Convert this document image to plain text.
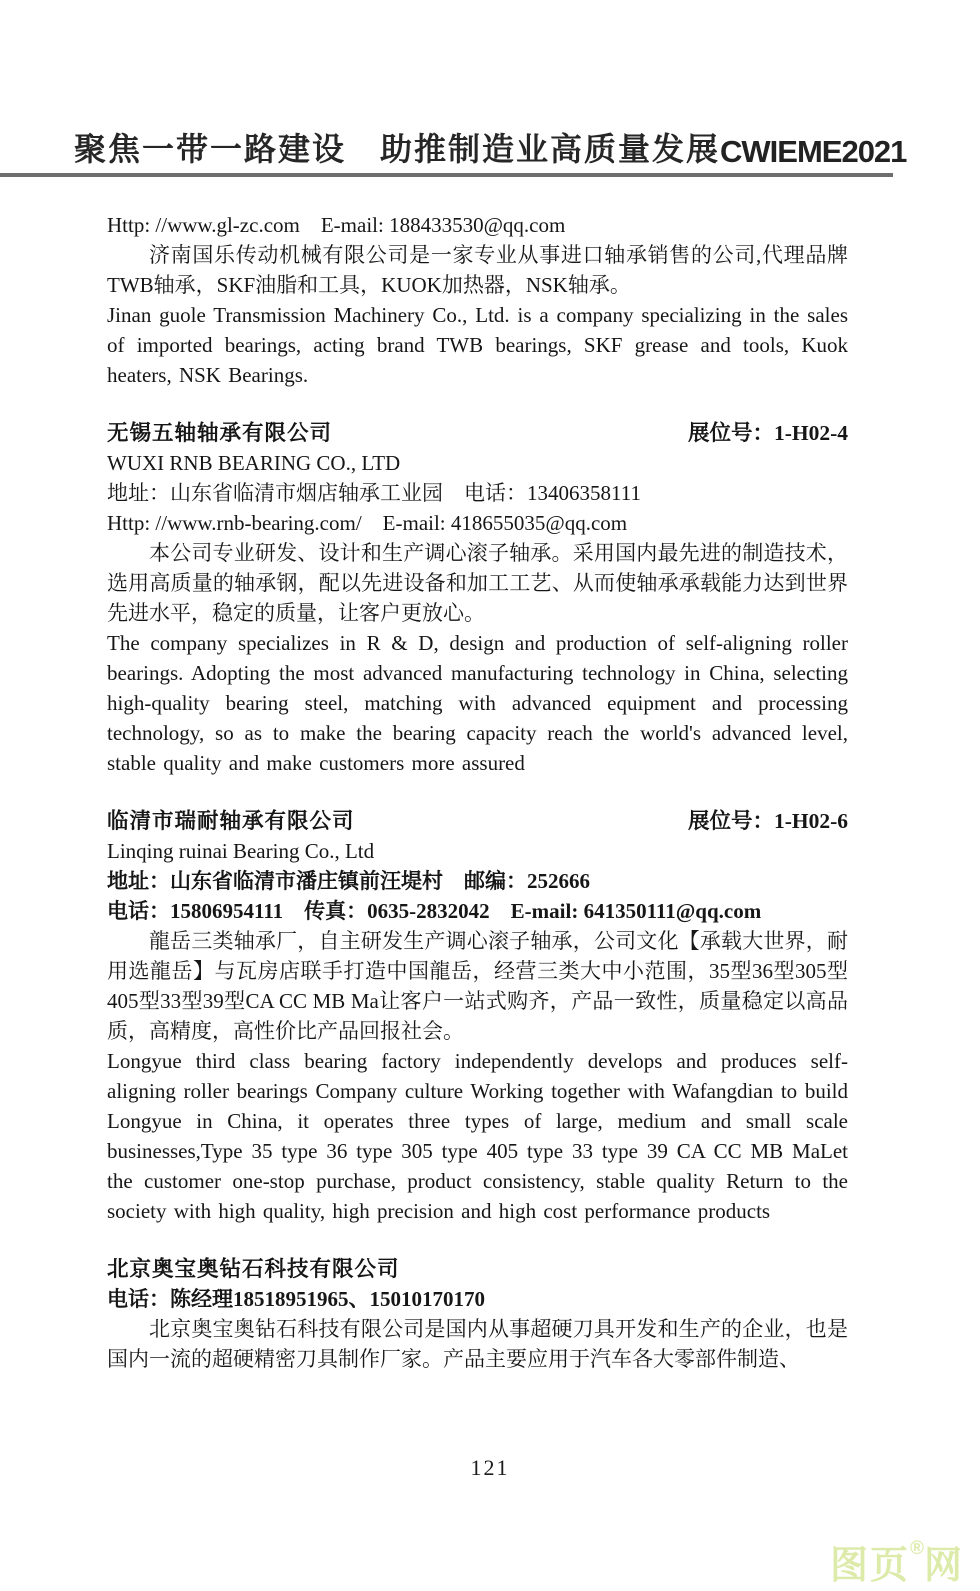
聚焦一带一路建设　助推制造业高质量发展 CWIEME2021

Http: //www.gl-zc.com　E-mail: 188433530@qq.com

济南国乐传动机械有限公司是一家专业从事进口轴承销售的公司,代理品牌TWB轴承，SKF油脂和工具，KUOK加热器，NSK轴承。

Jinan guole Transmission Machinery Co., Ltd. is a company specializing in the sales of imported bearings, acting brand TWB bearings, SKF grease and tools, Kuok heaters, NSK Bearings.

无锡五轴轴承有限公司	展位号：1-H02-4

WUXI RNB BEARING CO., LTD

地址：山东省临清市烟店轴承工业园　电话：13406358111

Http: //www.rnb-bearing.com/　E-mail: 418655035@qq.com

本公司专业研发、设计和生产调心滚子轴承。采用国内最先进的制造技术，选用高质量的轴承钢，配以先进设备和加工工艺、从而使轴承承载能力达到世界先进水平，稳定的质量，让客户更放心。

The company specializes in R & D, design and production of self-aligning roller bearings. Adopting the most advanced manufacturing technology in China, selecting high-quality bearing steel, matching with advanced equipment and processing technology, so as to make the bearing capacity reach the world's advanced level, stable quality and make customers more assured

临清市瑞耐轴承有限公司	展位号：1-H02-6

Linqing ruinai Bearing Co., Ltd

地址：山东省临清市潘庄镇前汪堤村　邮编：252666

电话：15806954111　传真：0635-2832042　E-mail: 641350111@qq.com

龍岳三类轴承厂，自主研发生产调心滚子轴承，公司文化【承载大世界，耐用选龍岳】与瓦房店联手打造中国龍岳，经营三类大中小范围，35型36型305型405型33型39型CA CC MB Ma让客户一站式购齐，产品一致性，质量稳定以高品质，高精度，高性价比产品回报社会。

Longyue third class bearing factory independently develops and produces self-aligning roller bearings Company culture Working together with Wafangdian to build Longyue in China, it operates three types of large, medium and small scale businesses,Type 35 type 36 type 305 type 405 type 33 type 39 CA CC MB MaLet the customer one-stop purchase, product consistency, stable quality Return to the society with high quality, high precision and high cost performance products

北京奥宝奥钻石科技有限公司

电话：陈经理18518951965、15010170170

北京奥宝奥钻石科技有限公司是国内从事超硬刀具开发和生产的企业，也是国内一流的超硬精密刀具制作厂家。产品主要应用于汽车各大零部件制造、

121
图页®网
